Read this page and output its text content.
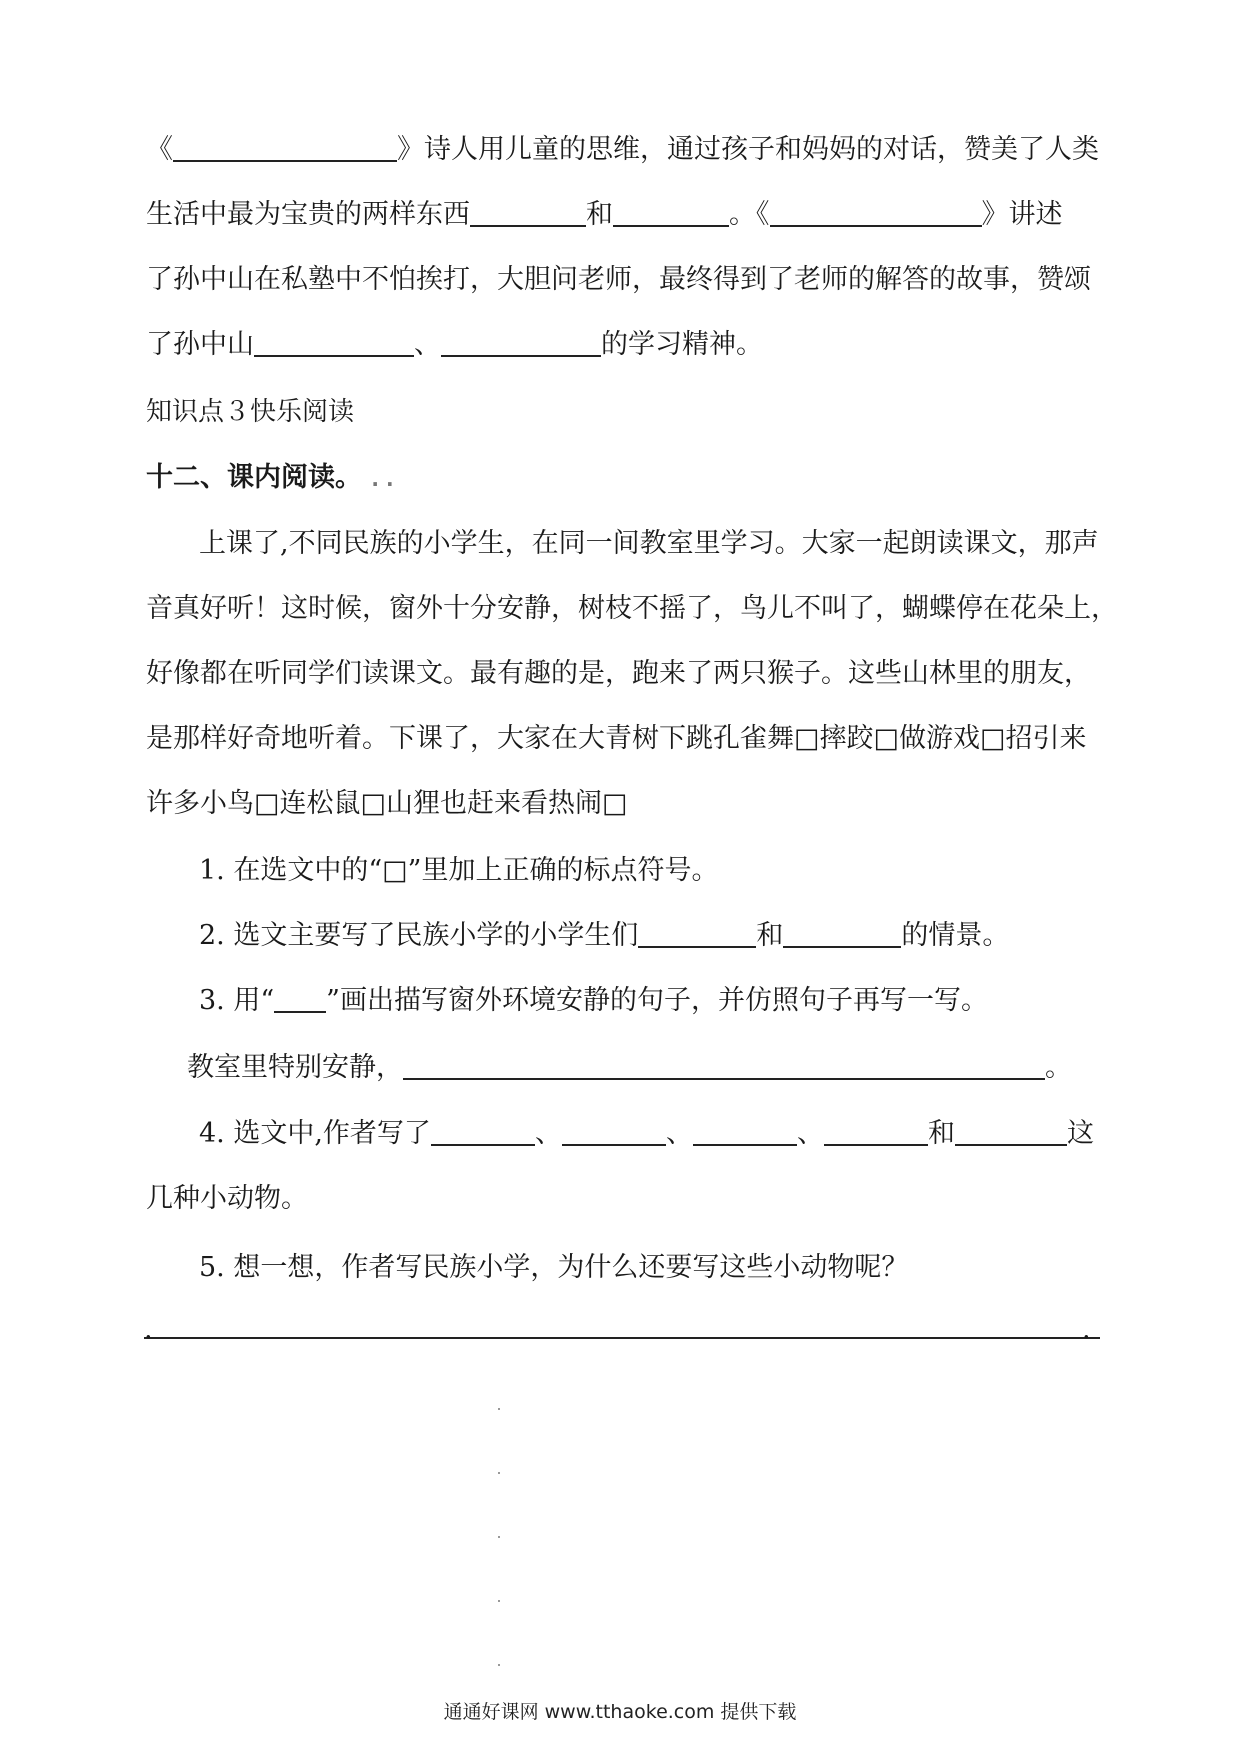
《	》诗人用儿童的思维，通过孩子和妈妈的对话，赞美了人类
生活中最为宝贵的两样东西	和	。《	》讲述
了孙中山在私塾中不怕挨打，大胆问老师，最终得到了老师的解答的故事，赞颂
了孙中山	、	的学习精神。
知识点３快乐阅读
十二、课内阅读。 . .
上课了,不同民族的小学生，在同一间教室里学习。大家一起朗读课文，那声
音真好听！这时候，窗外十分安静，树枝不摇了，鸟儿不叫了，蝴蝶停在花朵上，
好像都在听同学们读课文。最有趣的是，跑来了两只猴子。这些山林里的朋友，
是那样好奇地听着。下课了，大家在大青树下跳孔雀舞□摔跤□做游戏□招引来
许多小鸟□连松鼠□山狸也赶来看热闹□
1. 在选文中的“□”里加上正确的标点符号。
2. 选文主要写了民族小学的小学生们	和	的情景。
3. 用“ ”画出描写窗外环境安静的句子，并仿照句子再写一写。
教室里特别安静，	。
4. 选文中,作者写了	、	、	、	和	这
几种小动物。
5. 想一想，作者写民族小学，为什么还要写这些小动物呢？
.	.
通通好课网 www.tthaoke.com 提供下载
